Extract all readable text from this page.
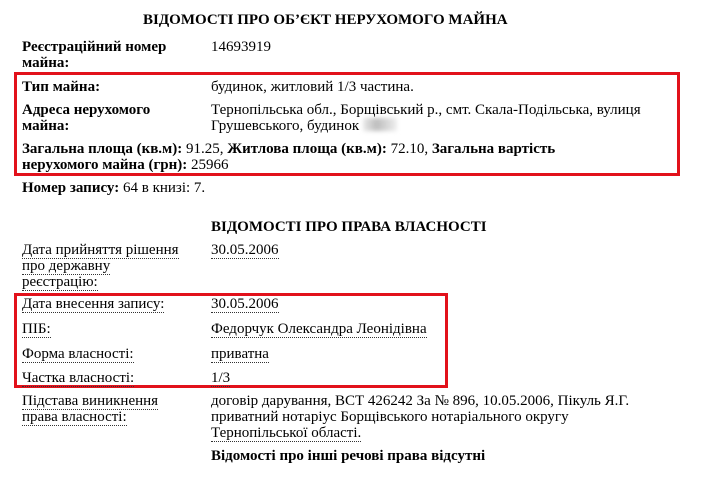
ВІДОМОСТІ ПРО ОБ’ЄКТ НЕРУХОМОГО МАЙНА
Реєстраційний номер
майна:
14693919
Тип майна:	будинок, житловий 1/3 частина.
Адреса нерухомого
майна:
Тернопільська обл., Борщівський р., смт. Скала-Подільська, вулиця
Грушевського, будинок
Загальна площа (кв.м): 91.25, Житлова площа (кв.м): 72.10, Загальна вартість
нерухомого майна (грн): 25966
Номер запису: 64 в книзі: 7.
ВІДОМОСТІ ПРО ПРАВА ВЛАСНОСТІ
Дата прийняття рішення
про державну
реєстрацію:
30.05.2006
Дата внесення запису:	30.05.2006
ПІБ:	Федорчук Олександра Леонідівна
Форма власності:	приватна
Частка власності:	1/3
Підстава виникнення
права власності:
договір дарування, ВСТ 426242 За № 896, 10.05.2006, Пікуль Я.Г.
приватний нотаріус Борщівського нотаріального округу
Тернопільської області.
Відомості про інші речові права відсутні
